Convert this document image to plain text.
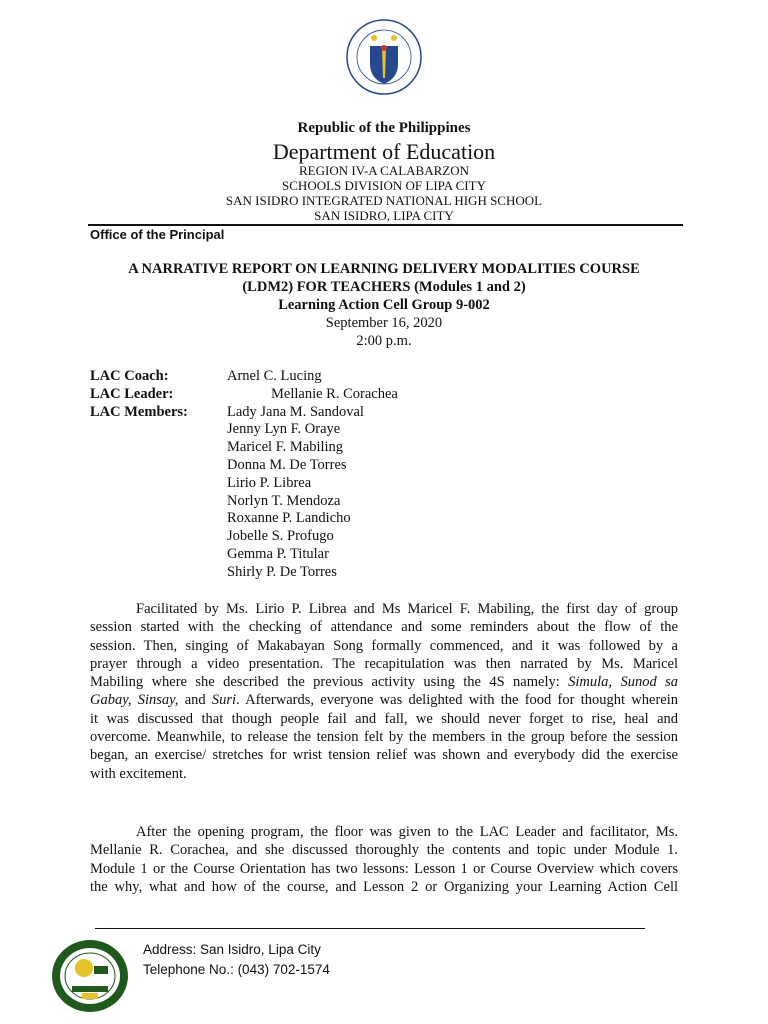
Republic of the Philippines
Department of Education
REGION IV-A CALABARZON
SCHOOLS DIVISION OF LIPA CITY
SAN ISIDRO INTEGRATED NATIONAL HIGH SCHOOL
SAN ISIDRO, LIPA CITY
Office of the Principal
A NARRATIVE REPORT ON LEARNING DELIVERY MODALITIES COURSE
(LDM2) FOR TEACHERS (Modules 1 and 2)
Learning Action Cell Group 9-002
September 16, 2020
2:00 p.m.
LAC Coach:	Arnel C. Lucing
LAC Leader:	Mellanie R. Corachea
LAC Members:	Lady Jana M. Sandoval
Jenny Lyn F. Oraye
Maricel F. Mabiling
Donna M. De Torres
Lirio P. Librea
Norlyn T. Mendoza
Roxanne P. Landicho
Jobelle S. Profugo
Gemma P. Titular
Shirly P. De Torres
Facilitated by Ms. Lirio P. Librea and Ms Maricel F. Mabiling, the first day of group
session started with the checking of attendance and some reminders about the flow of the
session. Then, singing of Makabayan Song formally commenced, and it was followed by a
prayer through a video presentation. The recapitulation was then narrated by Ms. Maricel
Mabiling where she described the previous activity using the 4S namely: Simula, Sunod sa
Gabay, Sinsay, and Suri. Afterwards, everyone was delighted with the food for thought wherein
it was discussed that though people fail and fall, we should never forget to rise, heal and
overcome. Meanwhile, to release the tension felt by the members in the group before the session
began, an exercise/ stretches for wrist tension relief was shown and everybody did the exercise
with excitement.
After the opening program, the floor was given to the LAC Leader and facilitator, Ms.
Mellanie R. Corachea, and she discussed thoroughly the contents and topic under Module 1.
Module 1 or the Course Orientation has two lessons: Lesson 1 or Course Overview which covers
the why, what and how of the course, and Lesson 2 or Organizing your Learning Action Cell
Address: San Isidro, Lipa City
Telephone No.: (043) 702-1574
